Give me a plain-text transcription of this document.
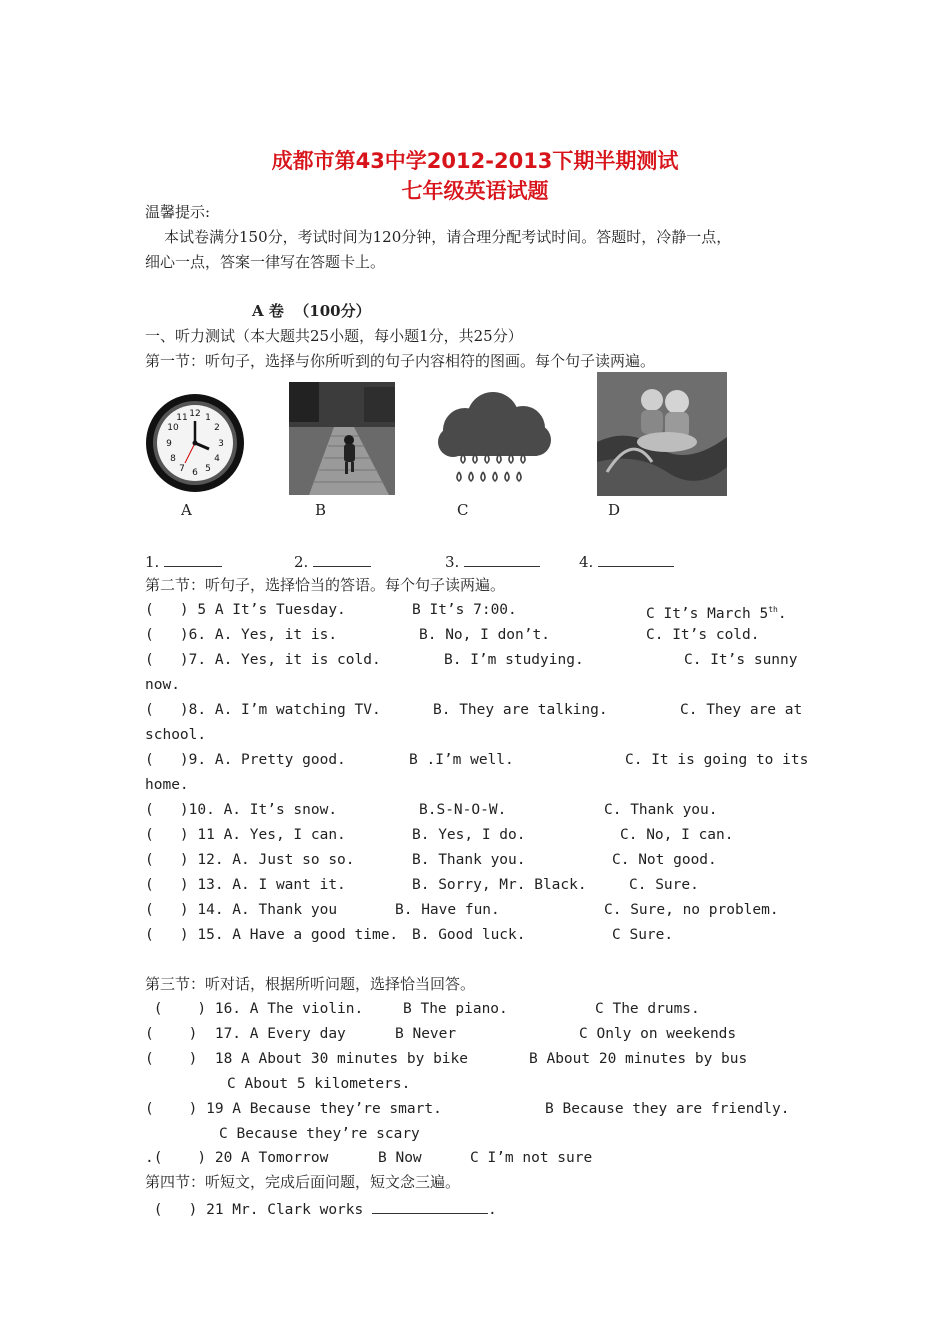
成都市第43中学2012-2013下期半期测试
七年级英语试题
温馨提示:
本试卷满分150分，考试时间为120分钟，请合理分配考试时间。答题时，冷静一点，
细心一点，答案一律写在答题卡上。
A 卷  （100分）
一、听力测试（本大题共25小题，每小题1分，共25分）
第一节：听句子，选择与你所听到的句子内容相符的图画。每个句子读两遍。
12 1
2
3
4
5
6
7
8
9
10
11
A	B	C	D
1.	2.	3.	4.
第二节：听句子，选择恰当的答语。每个句子读两遍。
(   ) 5 A It’s Tuesday.	B It’s 7:00.	C It’s March 5th.
(   )6. A. Yes, it is.	B. No, I don’t.	C. It’s cold.
(   )7. A. Yes, it is cold.	B. I’m studying.	C. It’s sunny
now.
(   )8. A. I’m watching TV.	B. They are talking.	C. They are at
school.
(   )9. A. Pretty good.	B .I’m well.	C. It is going to its
home.
(   )10. A. It’s snow.	B.S-N-O-W.	C. Thank you.
(   ) 11 A. Yes, I can.	B. Yes, I do.	C. No, I can.
(   ) 12. A. Just so so.	B. Thank you.	C. Not good.
(   ) 13. A. I want it.	B. Sorry, Mr. Black.	C. Sure.
(   ) 14. A. Thank you	B. Have fun.	C. Sure, no problem.
(   ) 15. A Have a good time. B. Good luck.	C Sure.
第三节：听对话，根据所听问题，选择恰当回答。
(    ) 16. A The violin.	B The piano.	C The drums.
(    )  17. A Every day	B Never	C Only on weekends
(    )  18 A About 30 minutes by bike	B About 20 minutes by bus
C About 5 kilometers.
(    ) 19 A Because they’re smart.	B Because they are friendly.
C Because they’re scary
.(    ) 20 A Tomorrow	B Now	C I’m not sure
第四节：听短文，完成后面问题，短文念三遍。
(   ) 21 Mr. Clark works	.
